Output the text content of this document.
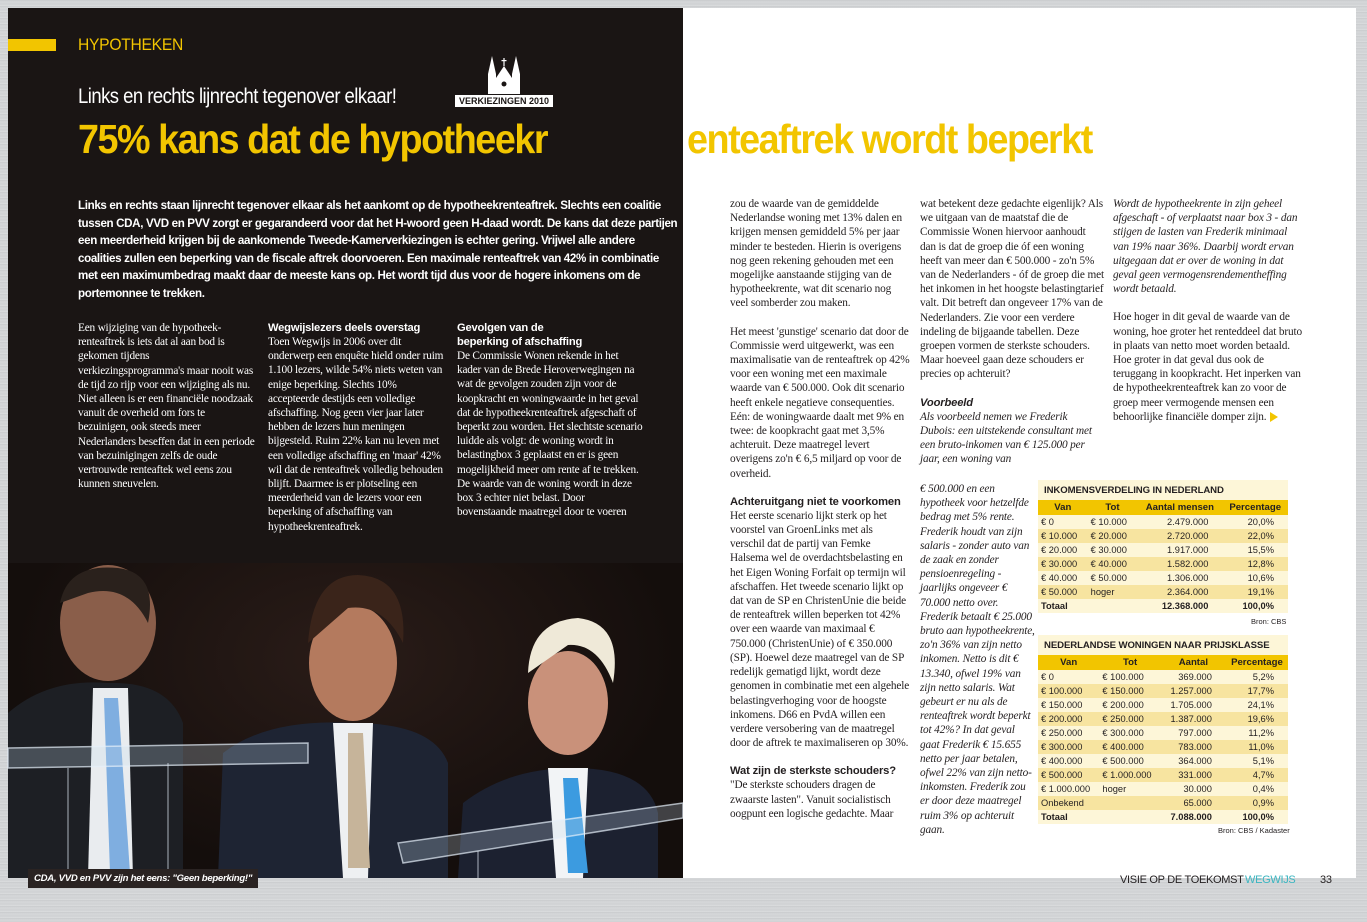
HYPOTHEKEN
Links en rechts lijnrecht tegenover elkaar!	VERKIEZINGEN 2010
75% kans dat de hypotheekr
Links en rechts staan lijnrecht tegenover elkaar als het aankomt op de hypotheekrenteaftrek. Slechts een coalitie tussen CDA, VVD en PVV zorgt er gegarandeerd voor dat het H-woord geen H-daad wordt. De kans dat deze partijen een meerderheid krijgen bij de aankomende Tweede-Kamerverkiezingen is echter gering. Vrijwel alle andere coalities zullen een beperking van de fiscale aftrek doorvoeren. Een maximale renteaftrek van 42% in combinatie met een maximumbedrag maakt daar de meeste kans op. Het wordt tijd dus voor de hogere inkomens om de portemonnee te trekken.

Een wijziging van de hypotheek-renteaftrek is iets dat al aan bod is gekomen tijdens verkiezingsprogramma's maar nooit was de tijd zo rijp voor een wijziging als nu. Niet alleen is er een financiële noodzaak vanuit de overheid om fors te bezuinigen, ook steeds meer Nederlanders beseffen dat in een periode van bezuinigingen zelfs de oude vertrouwde renteaftek wel eens zou kunnen sneuvelen.

Wegwijslezers deels overstag

Toen Wegwijs in 2006 over dit onderwerp een enquête hield onder ruim 1.100 lezers, wilde 54% niets weten van enige beperking. Slechts 10% accepteerde destijds een volledige afschaffing. Nog geen vier jaar later hebben de lezers hun meningen bijgesteld. Ruim 22% kan nu leven met een volledige afschaffing en 'maar' 42% wil dat de renteaftrek volledig behouden blijft. Daarmee is er plotseling een meerderheid van de lezers voor een beperking of afschaffing van hypotheekrenteaftrek.

Gevolgen van de beperking of afschaffing

De Commissie Wonen rekende in het kader van de Brede Heroverwegingen na wat de gevolgen zouden zijn voor de koopkracht en woningwaarde in het geval dat de hypotheekrenteaftrek afgeschaft of beperkt zou worden. Het slechtste scenario luidde als volgt: de woning wordt in belastingbox 3 geplaatst en er is geen mogelijkheid meer om rente af te trekken. De waarde van de woning wordt in deze box 3 echter niet belast. Door bovenstaande maatregel door te voeren

CDA, VVD en PVV zijn het eens: "Geen beperking!"
enteaftrek wordt beperkt

zou de waarde van de gemiddelde Nederlandse woning met 13% dalen en krijgen mensen gemiddeld 5% per jaar minder te besteden. Hierin is overigens nog geen rekening gehouden met een mogelijke aanstaande stijging van de hypotheekrente, wat dit scenario nog veel somberder zou maken.

Het meest 'gunstige' scenario dat door de Commissie werd uitgewerkt, was een maximalisatie van de renteaftrek op 42% voor een woning met een maximale waarde van € 500.000. Ook dit scenario heeft enkele negatieve consequenties. Eén: de woningwaarde daalt met 9% en twee: de koopkracht gaat met 3,5% achteruit. Deze maatregel levert overigens zo'n € 6,5 miljard op voor de overheid.

Achteruitgang niet te voorkomen

Het eerste scenario lijkt sterk op het voorstel van GroenLinks met als verschil dat de partij van Femke Halsema wel de overdachtsbelasting en het Eigen Woning Forfait op termijn wil afschaffen. Het tweede scenario lijkt op dat van de SP en ChristenUnie die beide de renteaftrek willen beperken tot 42% over een waarde van maximaal € 750.000 (ChristenUnie) of € 350.000 (SP). Hoewel deze maatregel van de SP redelijk gematigd lijkt, wordt deze genomen in combinatie met een algehele belastingverhoging voor de hoogste inkomens. D66 en PvdA willen een verdere versobering van de maatregel door de aftrek te maximaliseren op 30%.

Wat zijn de sterkste schouders?

"De sterkste schouders dragen de zwaarste lasten". Vanuit socialistisch oogpunt een logische gedachte. Maar

wat betekent deze gedachte eigenlijk? Als we uitgaan van de maatstaf die de Commissie Wonen hiervoor aanhoudt dan is dat de groep die óf een woning heeft van meer dan € 500.000 - zo'n 5% van de Nederlanders - óf de groep die met het inkomen in het hoogste belastingtarief valt. Dit betreft dan ongeveer 17% van de Nederlanders. Zie voor een verdere indeling de bijgaande tabellen. Deze groepen vormen de sterkste schouders. Maar hoeveel gaan deze schouders er precies op achteruit?

Voorbeeld

Als voorbeeld nemen we Frederik Dubois: een uitstekende consultant met een bruto-inkomen van € 125.000 per jaar, een woning van

€ 500.000 en een hypotheek voor hetzelfde bedrag met 5% rente. Frederik houdt van zijn salaris - zonder auto van de zaak en zonder pensioenregeling - jaarlijks ongeveer € 70.000 netto over. Frederik betaalt € 25.000 bruto aan hypotheekrente, zo'n 36% van zijn netto inkomen. Netto is dit € 13.340, ofwel 19% van zijn netto salaris. Wat gebeurt er nu als de renteaftrek wordt beperkt tot 42%? In dat geval gaat Frederik € 15.655 netto per jaar betalen, ofwel 22% van zijn netto-inkomsten. Frederik zou er door deze maatregel ruim 3% op achteruit gaan.

Wordt de hypotheekrente in zijn geheel afgeschaft - of verplaatst naar box 3 - dan stijgen de lasten van Frederik minimaal van 19% naar 36%. Daarbij wordt ervan uitgegaan dat er over de woning in dat geval geen vermogensrendementheffing wordt betaald.

Hoe hoger in dit geval de waarde van de woning, hoe groter het renteddeel dat bruto in plaats van netto moet worden betaald. Hoe groter in dat geval dus ook de teruggang in koopkracht. Het inperken van de hypotheekrenteaftrek kan zo voor de groep meer vermogende mensen een behoorlijke financiële domper zijn.

INKOMENSVERDELING IN NEDERLAND
Van	Tot	Aantal mensen	Percentage
€ 0	€ 10.000	2.479.000	20,0%
€ 10.000	€ 20.000	2.720.000	22,0%
€ 20.000	€ 30.000	1.917.000	15,5%
€ 30.000	€ 40.000	1.582.000	12,8%
€ 40.000	€ 50.000	1.306.000	10,6%
€ 50.000	hoger	2.364.000	19,1%
Totaal		12.368.000	100,0%
Bron: CBS
NEDERLANDSE WONINGEN NAAR PRIJSKLASSE
Van	Tot	Aantal	Percentage
€ 0	€ 100.000	369.000	5,2%
€ 100.000	€ 150.000	1.257.000	17,7%
€ 150.000	€ 200.000	1.705.000	24,1%
€ 200.000	€ 250.000	1.387.000	19,6%
€ 250.000	€ 300.000	797.000	11,2%
€ 300.000	€ 400.000	783.000	11,0%
€ 400.000	€ 500.000	364.000	5,1%
€ 500.000	€ 1.000.000	331.000	4,7%
€ 1.000.000	hoger	30.000	0,4%
Onbekend		65.000	0,9%
Totaal		7.088.000	100,0%
Bron: CBS / Kadaster
VISIE OP DE TOEKOMST WEGWIJS 33
